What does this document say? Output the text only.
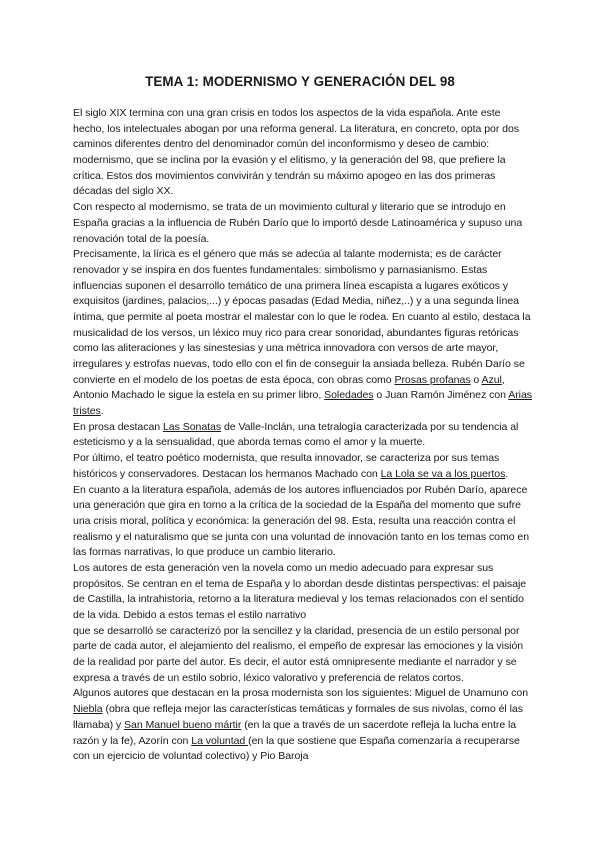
TEMA 1: MODERNISMO Y GENERACIÓN DEL 98

El siglo XIX termina con una gran crisis en todos los aspectos de la vida española. Ante este hecho, los intelectuales abogan por una reforma general. La literatura, en concreto, opta por dos caminos diferentes dentro del denominador común del inconformismo y deseo de cambio: modernismo, que se inclina por la evasión y el elitismo, y la generación del 98, que prefiere la crítica. Estos dos movimientos convivirán y tendrán su máximo apogeo en las dos primeras décadas del siglo XX.

Con respecto al modernismo, se trata de un movimiento cultural y literario que se introdujo en España gracias a la influencia de Rubén Darío que lo importó desde Latinoamérica y supuso una renovación total de la poesía.

Precisamente, la lírica es el género que más se adecúa al talante modernista; es de carácter renovador y se inspira en dos fuentes fundamentales: simbolismo y parnasianismo. Estas influencias suponen el desarrollo temático de una primera línea escapista a lugares exóticos y exquisitos (jardines, palacios,...) y épocas pasadas (Edad Media, niñez,..) y a una segunda línea íntima, que permite al poeta mostrar el malestar con lo que le rodea. En cuanto al estilo, destaca la musicalidad de los versos, un léxico muy rico para crear sonoridad, abundantes figuras retóricas como las aliteraciones y las sinestesias y una métrica innovadora con versos de arte mayor, irregulares y estrofas nuevas, todo ello con el fin de conseguir la ansiada belleza. Rubén Darío se convierte en el modelo de los poetas de esta época, con obras como Prosas profanas o Azul, Antonio Machado le sigue la estela en su primer libro, Soledades o Juan Ramón Jiménez con Arias tristes.

En prosa destacan Las Sonatas de Valle-Inclán, una tetralogía caracterizada por su tendencia al esteticismo y a la sensualidad, que aborda temas como el amor y la muerte.

Por último, el teatro poético modernista, que resulta innovador, se caracteriza por sus temas históricos y conservadores. Destacan los hermanos Machado con La Lola se va a los puertos.

En cuanto a la literatura española, además de los autores influenciados por Rubén Darío, aparece una generación que gira en torno a la crítica de la sociedad de la España del momento que sufre una crisis moral, política y económica: la generación del 98. Esta, resulta una reacción contra el realismo y el naturalismo que se junta con una voluntad de innovación tanto en los temas como en las formas narrativas, lo que produce un cambio literario.

Los autores de esta generación ven la novela como un medio adecuado para expresar sus propósitos. Se centran en el tema de España y lo abordan desde distintas perspectivas: el paisaje de Castilla, la intrahistoria, retorno a la literatura medieval y los temas relacionados con el sentido de la vida. Debido a estos temas el estilo narrativo

que se desarrolló se caracterizó por la sencillez y la claridad, presencia de un estilo personal por parte de cada autor, el alejamiento del realismo, el empeño de expresar las emociones y la visión de la realidad por parte del autor. Es decir, el autor está omnipresente mediante el narrador y se expresa a través de un estilo sobrio, léxico valorativo y preferencia de relatos cortos.

Algunos autores que destacan en la prosa modernista son los siguientes: Miguel de Unamuno con Niebla (obra que refleja mejor las características temáticas y formales de sus nivolas, como él las llamaba) y San Manuel bueno mártir (en la que a través de un sacerdote refleja la lucha entre la razón y la fe), Azorín con La voluntad (en la que sostiene que España comenzaría a recuperarse con un ejercicio de voluntad colectivo) y Pio Baroja
